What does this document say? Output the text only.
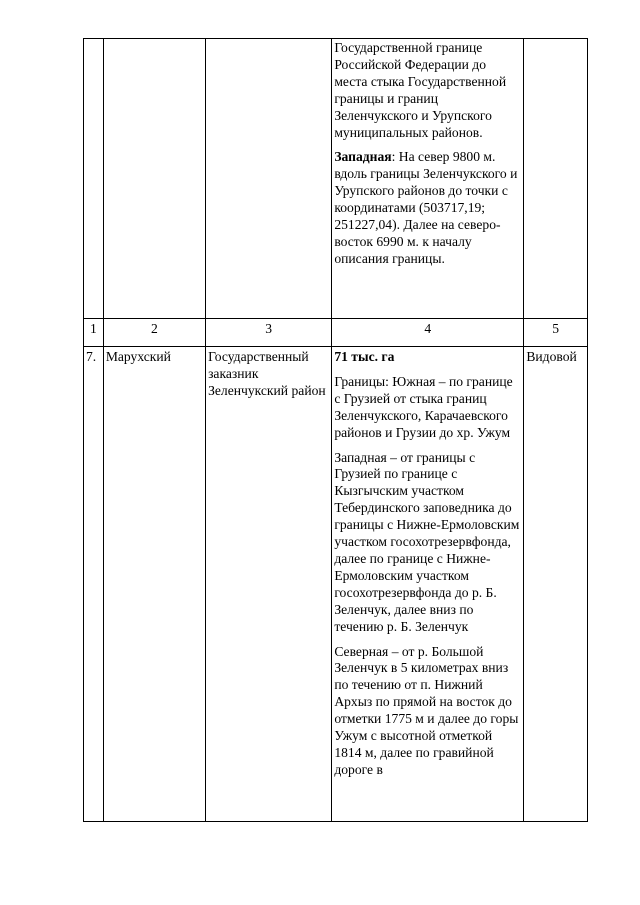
			Государственной границе Российской Федерации до места стыка Государственной границы и границ Зеленчукского и Урупского муниципальных районов.

Западная: На север 9800 м. вдоль границы Зеленчукского и Урупского районов до точки с координатами (503717,19; 251227,04). Далее на северо-восток 6990 м. к началу описания границы.	

1	2	3	4	5
7.	Марухский	Государственный заказник Зеленчукский район	71 тыс. га

Границы: Южная – по границе с Грузией от стыка границ Зеленчукского, Карачаевского районов и Грузии до хр. Ужум

Западная – от границы с Грузией по границе с Кызгычским участком Тебердинского заповедника до границы с Нижне-Ермоловским участком госохотрезервфонда, далее по границе с Нижне-Ермоловским участком госохотрезервфонда до р. Б. Зеленчук, далее вниз по течению р. Б. Зеленчук

Северная – от р. Большой Зеленчук в 5 километрах вниз по течению от п. Нижний Архыз по прямой на восток до отметки 1775 м и далее до горы Ужум с высотной отметкой 1814 м, далее по гравийной дороге в	Видовой
